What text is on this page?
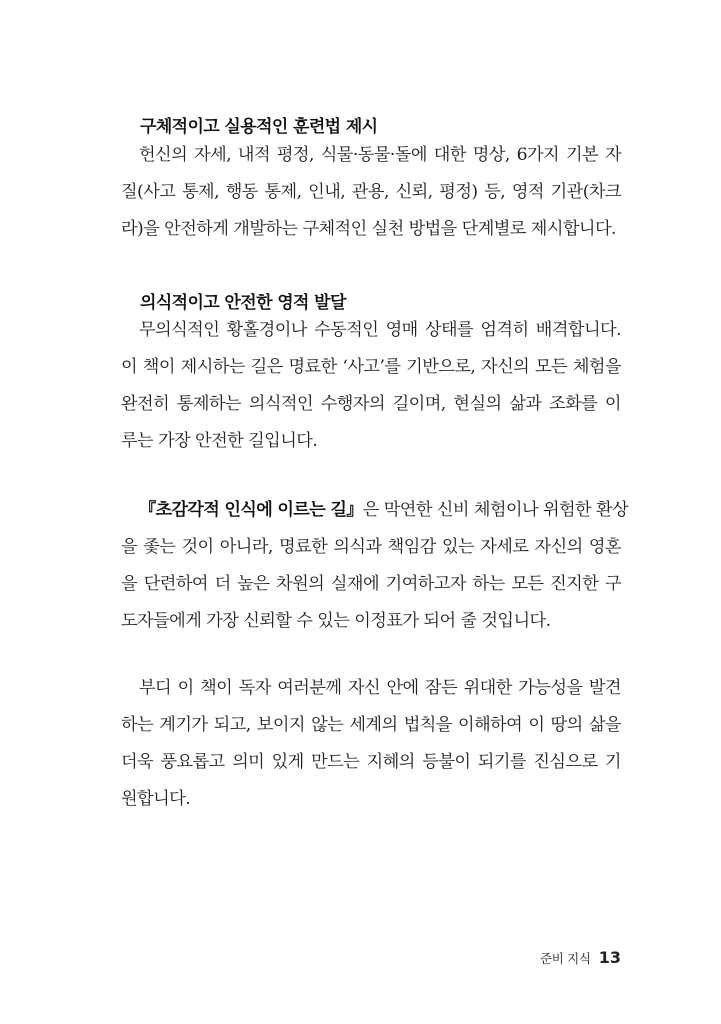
구체적이고 실용적인 훈련법 제시
헌신의 자세, 내적 평정, 식물·동물·돌에 대한 명상, 6가지 기본 자
질(사고 통제, 행동 통제, 인내, 관용, 신뢰, 평정) 등, 영적 기관(차크
라)을 안전하게 개발하는 구체적인 실천 방법을 단계별로 제시합니다.
의식적이고 안전한 영적 발달
무의식적인 황홀경이나 수동적인 영매 상태를 엄격히 배격합니다.
이 책이 제시하는 길은 명료한 ‘사고’를 기반으로, 자신의 모든 체험을
완전히 통제하는 의식적인 수행자의 길이며, 현실의 삶과 조화를 이
루는 가장 안전한 길입니다.
『초감각적 인식에 이르는 길』은 막연한 신비 체험이나 위험한 환상
을 좇는 것이 아니라, 명료한 의식과 책임감 있는 자세로 자신의 영혼
을 단련하여 더 높은 차원의 실재에 기여하고자 하는 모든 진지한 구
도자들에게 가장 신뢰할 수 있는 이정표가 되어 줄 것입니다.
부디 이 책이 독자 여러분께 자신 안에 잠든 위대한 가능성을 발견
하는 계기가 되고, 보이지 않는 세계의 법칙을 이해하여 이 땅의 삶을
더욱 풍요롭고 의미 있게 만드는 지혜의 등불이 되기를 진심으로 기
원합니다.
준비 지식 13
